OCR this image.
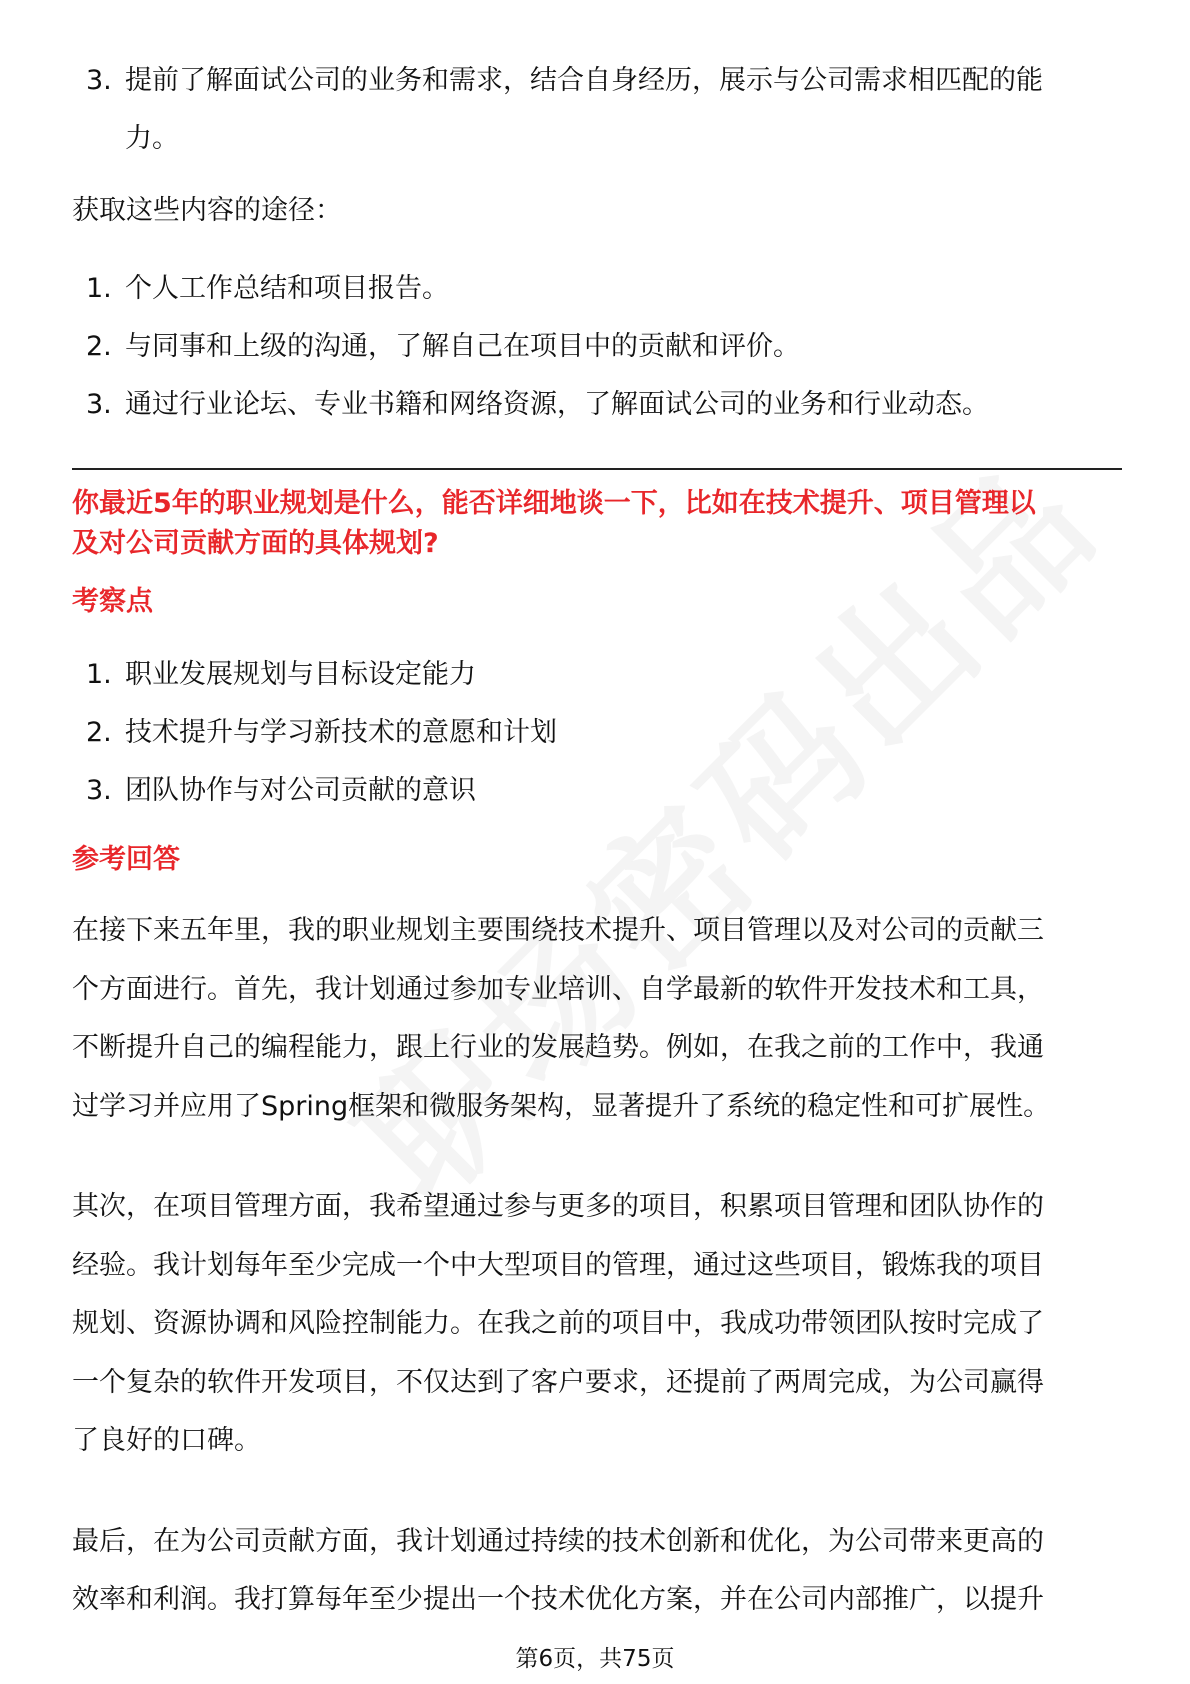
3. 提前了解面试公司的业务和需求，结合自身经历，展示与公司需求相匹配的能
力。

获取这些内容的途径：

1. 个人工作总结和项目报告。
2. 与同事和上级的沟通，了解自己在项目中的贡献和评价。
3. 通过行业论坛、专业书籍和网络资源，了解面试公司的业务和行业动态。

你最近5年的职业规划是什么，能否详细地谈一下，比如在技术提升、项目管理以
及对公司贡献方面的具体规划?

考察点

1. 职业发展规划与目标设定能力
2. 技术提升与学习新技术的意愿和计划
3. 团队协作与对公司贡献的意识

参考回答

在接下来五年里，我的职业规划主要围绕技术提升、项目管理以及对公司的贡献三
个方面进行。首先，我计划通过参加专业培训、自学最新的软件开发技术和工具，
不断提升自己的编程能力，跟上行业的发展趋势。例如，在我之前的工作中，我通
过学习并应用了Spring框架和微服务架构，显著提升了系统的稳定性和可扩展性。
其次，在项目管理方面，我希望通过参与更多的项目，积累项目管理和团队协作的
经验。我计划每年至少完成一个中大型项目的管理，通过这些项目，锻炼我的项目
规划、资源协调和风险控制能力。在我之前的项目中，我成功带领团队按时完成了
一个复杂的软件开发项目，不仅达到了客户要求，还提前了两周完成，为公司赢得
了良好的口碑。
最后，在为公司贡献方面，我计划通过持续的技术创新和优化，为公司带来更高的
效率和利润。我打算每年至少提出一个技术优化方案，并在公司内部推广，以提升
第6页，共75页
